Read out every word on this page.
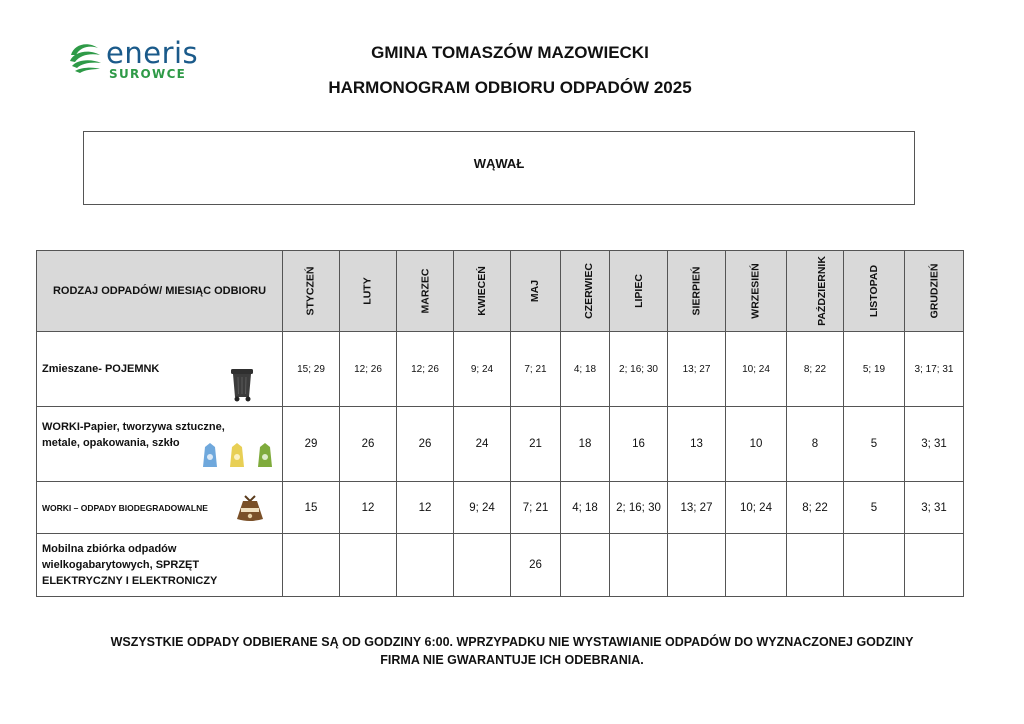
eneris
SUROWCE
GMINA TOMASZÓW MAZOWIECKI
HARMONOGRAM ODBIORU ODPADÓW 2025
WĄWAŁ
RODZAJ ODPADÓW/ MIESIĄC ODBIORU	STYCZEŃ	LUTY	MARZEC	KWIECEŃ	MAJ	CZERWIEC	LIPIEC	SIERPIEŃ	WRZESIEŃ	PAŹDZIERNIK	LISTOPAD	GRUDZIEŃ

Zmieszane- POJEMNK	15; 29	12; 26	12; 26	9; 24	7; 21	4; 18	2; 16; 30	13; 27	10; 24	8; 22	5; 19	3; 17; 31

WORKI-Papier, tworzywa sztuczne, metale, opakowania, szkło	29	26	26	24	21	18	16	13	10	8	5	3; 31

WORKI – ODPADY BIODEGRADOWALNE	15	12	12	9; 24	7; 21	4; 18	2; 16; 30	13; 27	10; 24	8; 22	5	3; 31

Mobilna zbiórka odpadów wielkogabarytowych, SPRZĘT ELEKTRYCZNY I ELEKTRONICZY					26							
WSZYSTKIE ODPADY ODBIERANE SĄ OD GODZINY 6:00. WPRZYPADKU NIE WYSTAWIANIE ODPADÓW DO WYZNACZONEJ GODZINY
FIRMA NIE GWARANTUJE ICH ODEBRANIA.
